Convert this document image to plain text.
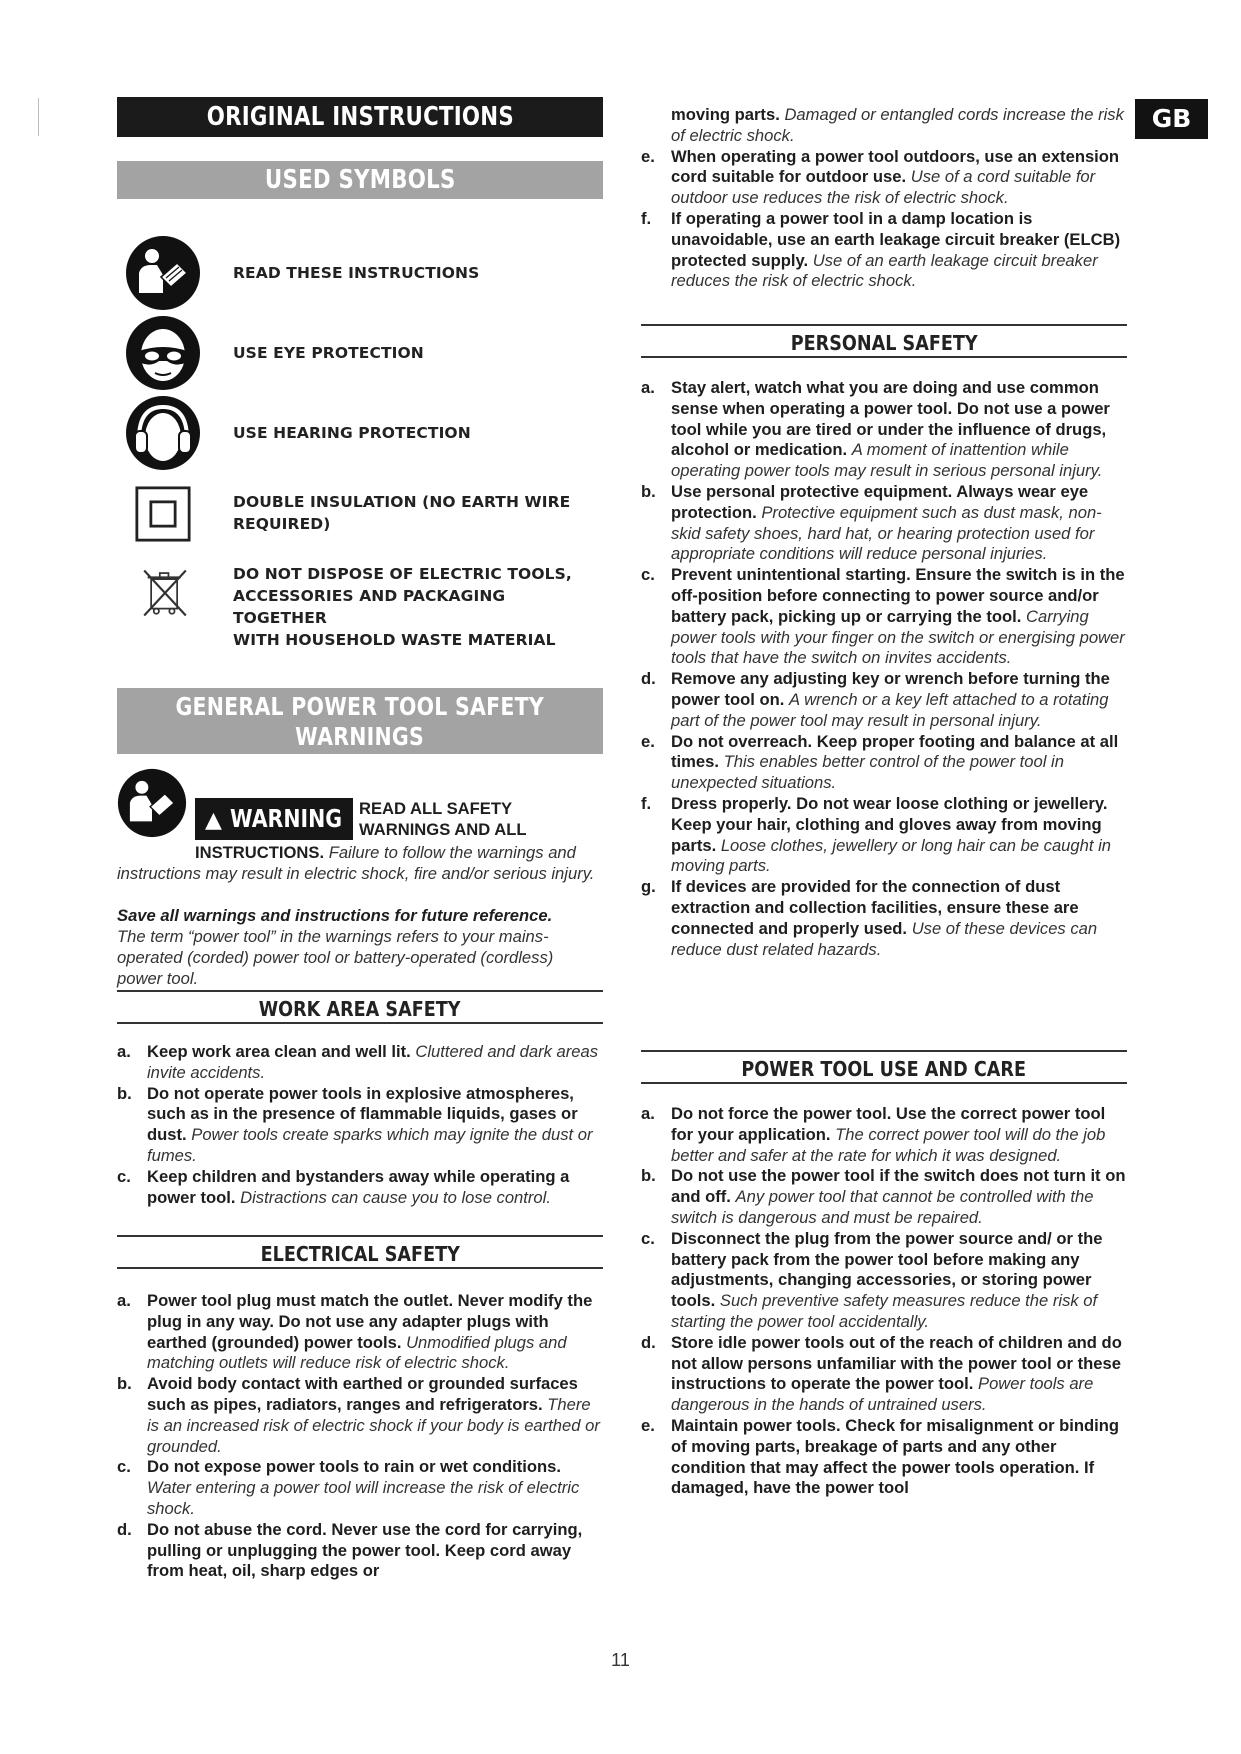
ORIGINAL INSTRUCTIONS
USED SYMBOLS
READ THESE INSTRUCTIONS
USE EYE PROTECTION
USE HEARING PROTECTION
DOUBLE INSULATION (NO EARTH WIRE
REQUIRED)
DO NOT DISPOSE OF ELECTRIC TOOLS,
ACCESSORIES AND PACKAGING TOGETHER
WITH HOUSEHOLD WASTE MATERIAL
GENERAL POWER TOOL SAFETY
WARNINGS
▲ WARNING	READ ALL SAFETY
WARNINGS AND ALL
INSTRUCTIONS. Failure to follow the warnings and instructions may result in electric shock, fire and/or serious injury.
Save all warnings and instructions for future reference.
The term “power tool” in the warnings refers to your mains-operated (corded) power tool or battery-operated (cordless) power tool.
WORK AREA SAFETY
a. Keep work area clean and well lit. Cluttered and dark areas invite accidents.
b. Do not operate power tools in explosive atmospheres, such as in the presence of flammable liquids, gases or dust. Power tools create sparks which may ignite the dust or fumes.
c. Keep children and bystanders away while operating a power tool. Distractions can cause you to lose control.
ELECTRICAL SAFETY
a. Power tool plug must match the outlet. Never modify the plug in any way. Do not use any adapter plugs with earthed (grounded) power tools. Unmodified plugs and matching outlets will reduce risk of electric shock.
b. Avoid body contact with earthed or grounded surfaces such as pipes, radiators, ranges and refrigerators. There is an increased risk of electric shock if your body is earthed or grounded.
c. Do not expose power tools to rain or wet conditions. Water entering a power tool will increase the risk of electric shock.
d. Do not abuse the cord. Never use the cord for carrying, pulling or unplugging the power tool. Keep cord away from heat, oil, sharp edges or
moving parts. Damaged or entangled cords increase the risk of electric shock.
e. When operating a power tool outdoors, use an extension cord suitable for outdoor use. Use of a cord suitable for outdoor use reduces the risk of electric shock.
f. If operating a power tool in a damp location is unavoidable, use an earth leakage circuit breaker (ELCB) protected supply. Use of an earth leakage circuit breaker reduces the risk of electric shock.
PERSONAL SAFETY
a. Stay alert, watch what you are doing and use common sense when operating a power tool. Do not use a power tool while you are tired or under the influence of drugs, alcohol or medication. A moment of inattention while operating power tools may result in serious personal injury.
b. Use personal protective equipment. Always wear eye protection. Protective equipment such as dust mask, non-skid safety shoes, hard hat, or hearing protection used for appropriate conditions will reduce personal injuries.
c. Prevent unintentional starting. Ensure the switch is in the off-position before connecting to power source and/or battery pack, picking up or carrying the tool. Carrying power tools with your finger on the switch or energising power tools that have the switch on invites accidents.
d. Remove any adjusting key or wrench before turning the power tool on. A wrench or a key left attached to a rotating part of the power tool may result in personal injury.
e. Do not overreach. Keep proper footing and balance at all times. This enables better control of the power tool in unexpected situations.
f. Dress properly. Do not wear loose clothing or jewellery. Keep your hair, clothing and gloves away from moving parts. Loose clothes, jewellery or long hair can be caught in moving parts.
g. If devices are provided for the connection of dust extraction and collection facilities, ensure these are connected and properly used. Use of these devices can reduce dust related hazards.
POWER TOOL USE AND CARE
a. Do not force the power tool. Use the correct power tool for your application. The correct power tool will do the job better and safer at the rate for which it was designed.
b. Do not use the power tool if the switch does not turn it on and off. Any power tool that cannot be controlled with the switch is dangerous and must be repaired.
c. Disconnect the plug from the power source and/ or the battery pack from the power tool before making any adjustments, changing accessories, or storing power tools. Such preventive safety measures reduce the risk of starting the power tool accidentally.
d. Store idle power tools out of the reach of children and do not allow persons unfamiliar with the power tool or these instructions to operate the power tool. Power tools are dangerous in the hands of untrained users.
e. Maintain power tools. Check for misalignment or binding of moving parts, breakage of parts and any other condition that may affect the power tools operation. If damaged, have the power tool
GB
11
